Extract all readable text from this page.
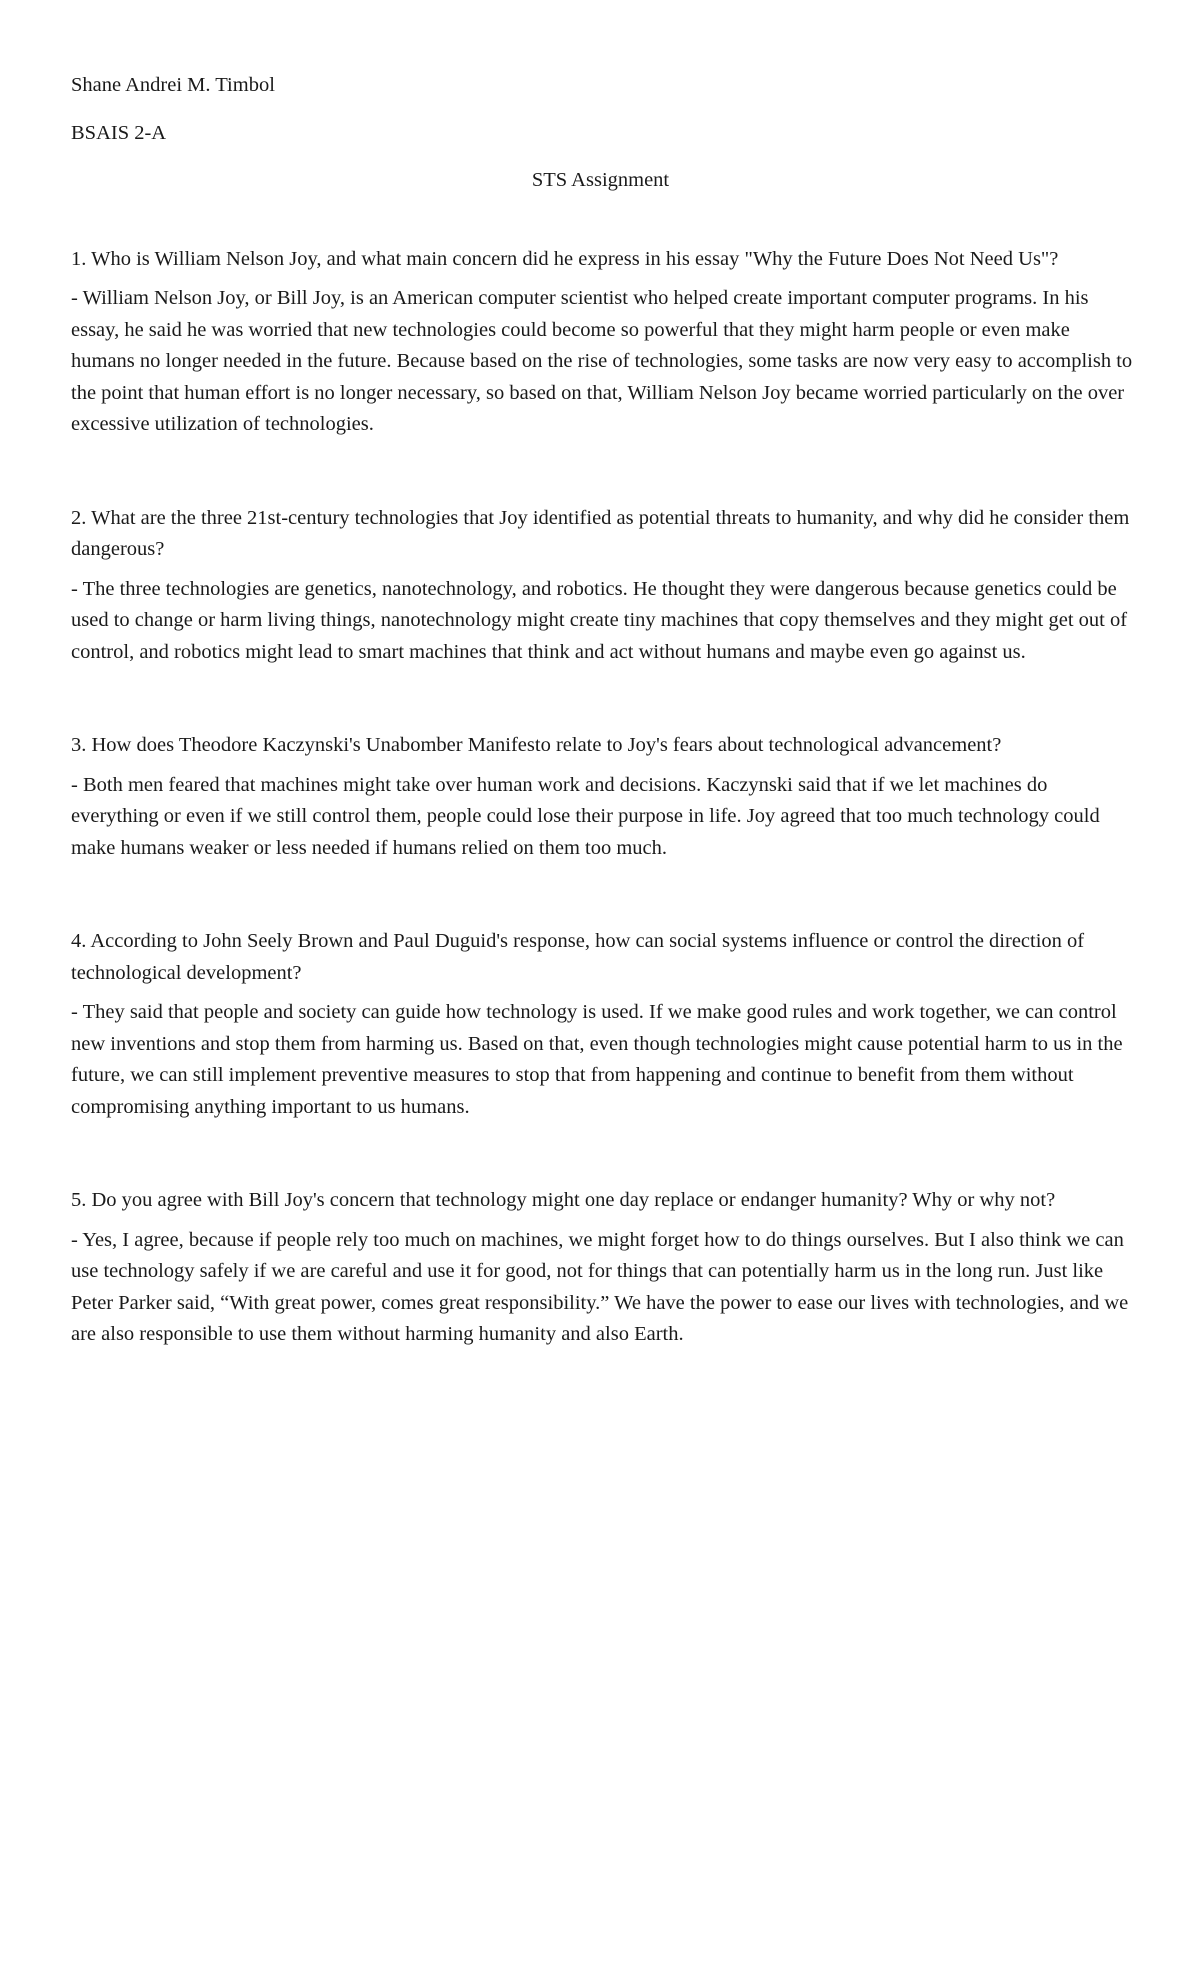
Shane Andrei M. Timbol

BSAIS 2-A

STS Assignment

1. Who is William Nelson Joy, and what main concern did he express in his essay "Why the Future Does Not Need Us"?

- William Nelson Joy, or Bill Joy, is an American computer scientist who helped create important computer programs. In his essay, he said he was worried that new technologies could become so powerful that they might harm people or even make humans no longer needed in the future. Because based on the rise of technologies, some tasks are now very easy to accomplish to the point that human effort is no longer necessary, so based on that, William Nelson Joy became worried particularly on the over excessive utilization of technologies.

2. What are the three 21st-century technologies that Joy identified as potential threats to humanity, and why did he consider them dangerous?

- The three technologies are genetics, nanotechnology, and robotics. He thought they were dangerous because genetics could be used to change or harm living things, nanotechnology might create tiny machines that copy themselves and they might get out of control, and robotics might lead to smart machines that think and act without humans and maybe even go against us.

3. How does Theodore Kaczynski's Unabomber Manifesto relate to Joy's fears about technological advancement?

- Both men feared that machines might take over human work and decisions. Kaczynski said that if we let machines do everything or even if we still control them, people could lose their purpose in life. Joy agreed that too much technology could make humans weaker or less needed if humans relied on them too much.

4. According to John Seely Brown and Paul Duguid's response, how can social systems influence or control the direction of technological development?

- They said that people and society can guide how technology is used. If we make good rules and work together, we can control new inventions and stop them from harming us. Based on that, even though technologies might cause potential harm to us in the future, we can still implement preventive measures to stop that from happening and continue to benefit from them without compromising anything important to us humans.

5. Do you agree with Bill Joy's concern that technology might one day replace or endanger humanity? Why or why not?

- Yes, I agree, because if people rely too much on machines, we might forget how to do things ourselves. But I also think we can use technology safely if we are careful and use it for good, not for things that can potentially harm us in the long run. Just like Peter Parker said, “With great power, comes great responsibility.” We have the power to ease our lives with technologies, and we are also responsible to use them without harming humanity and also Earth.
